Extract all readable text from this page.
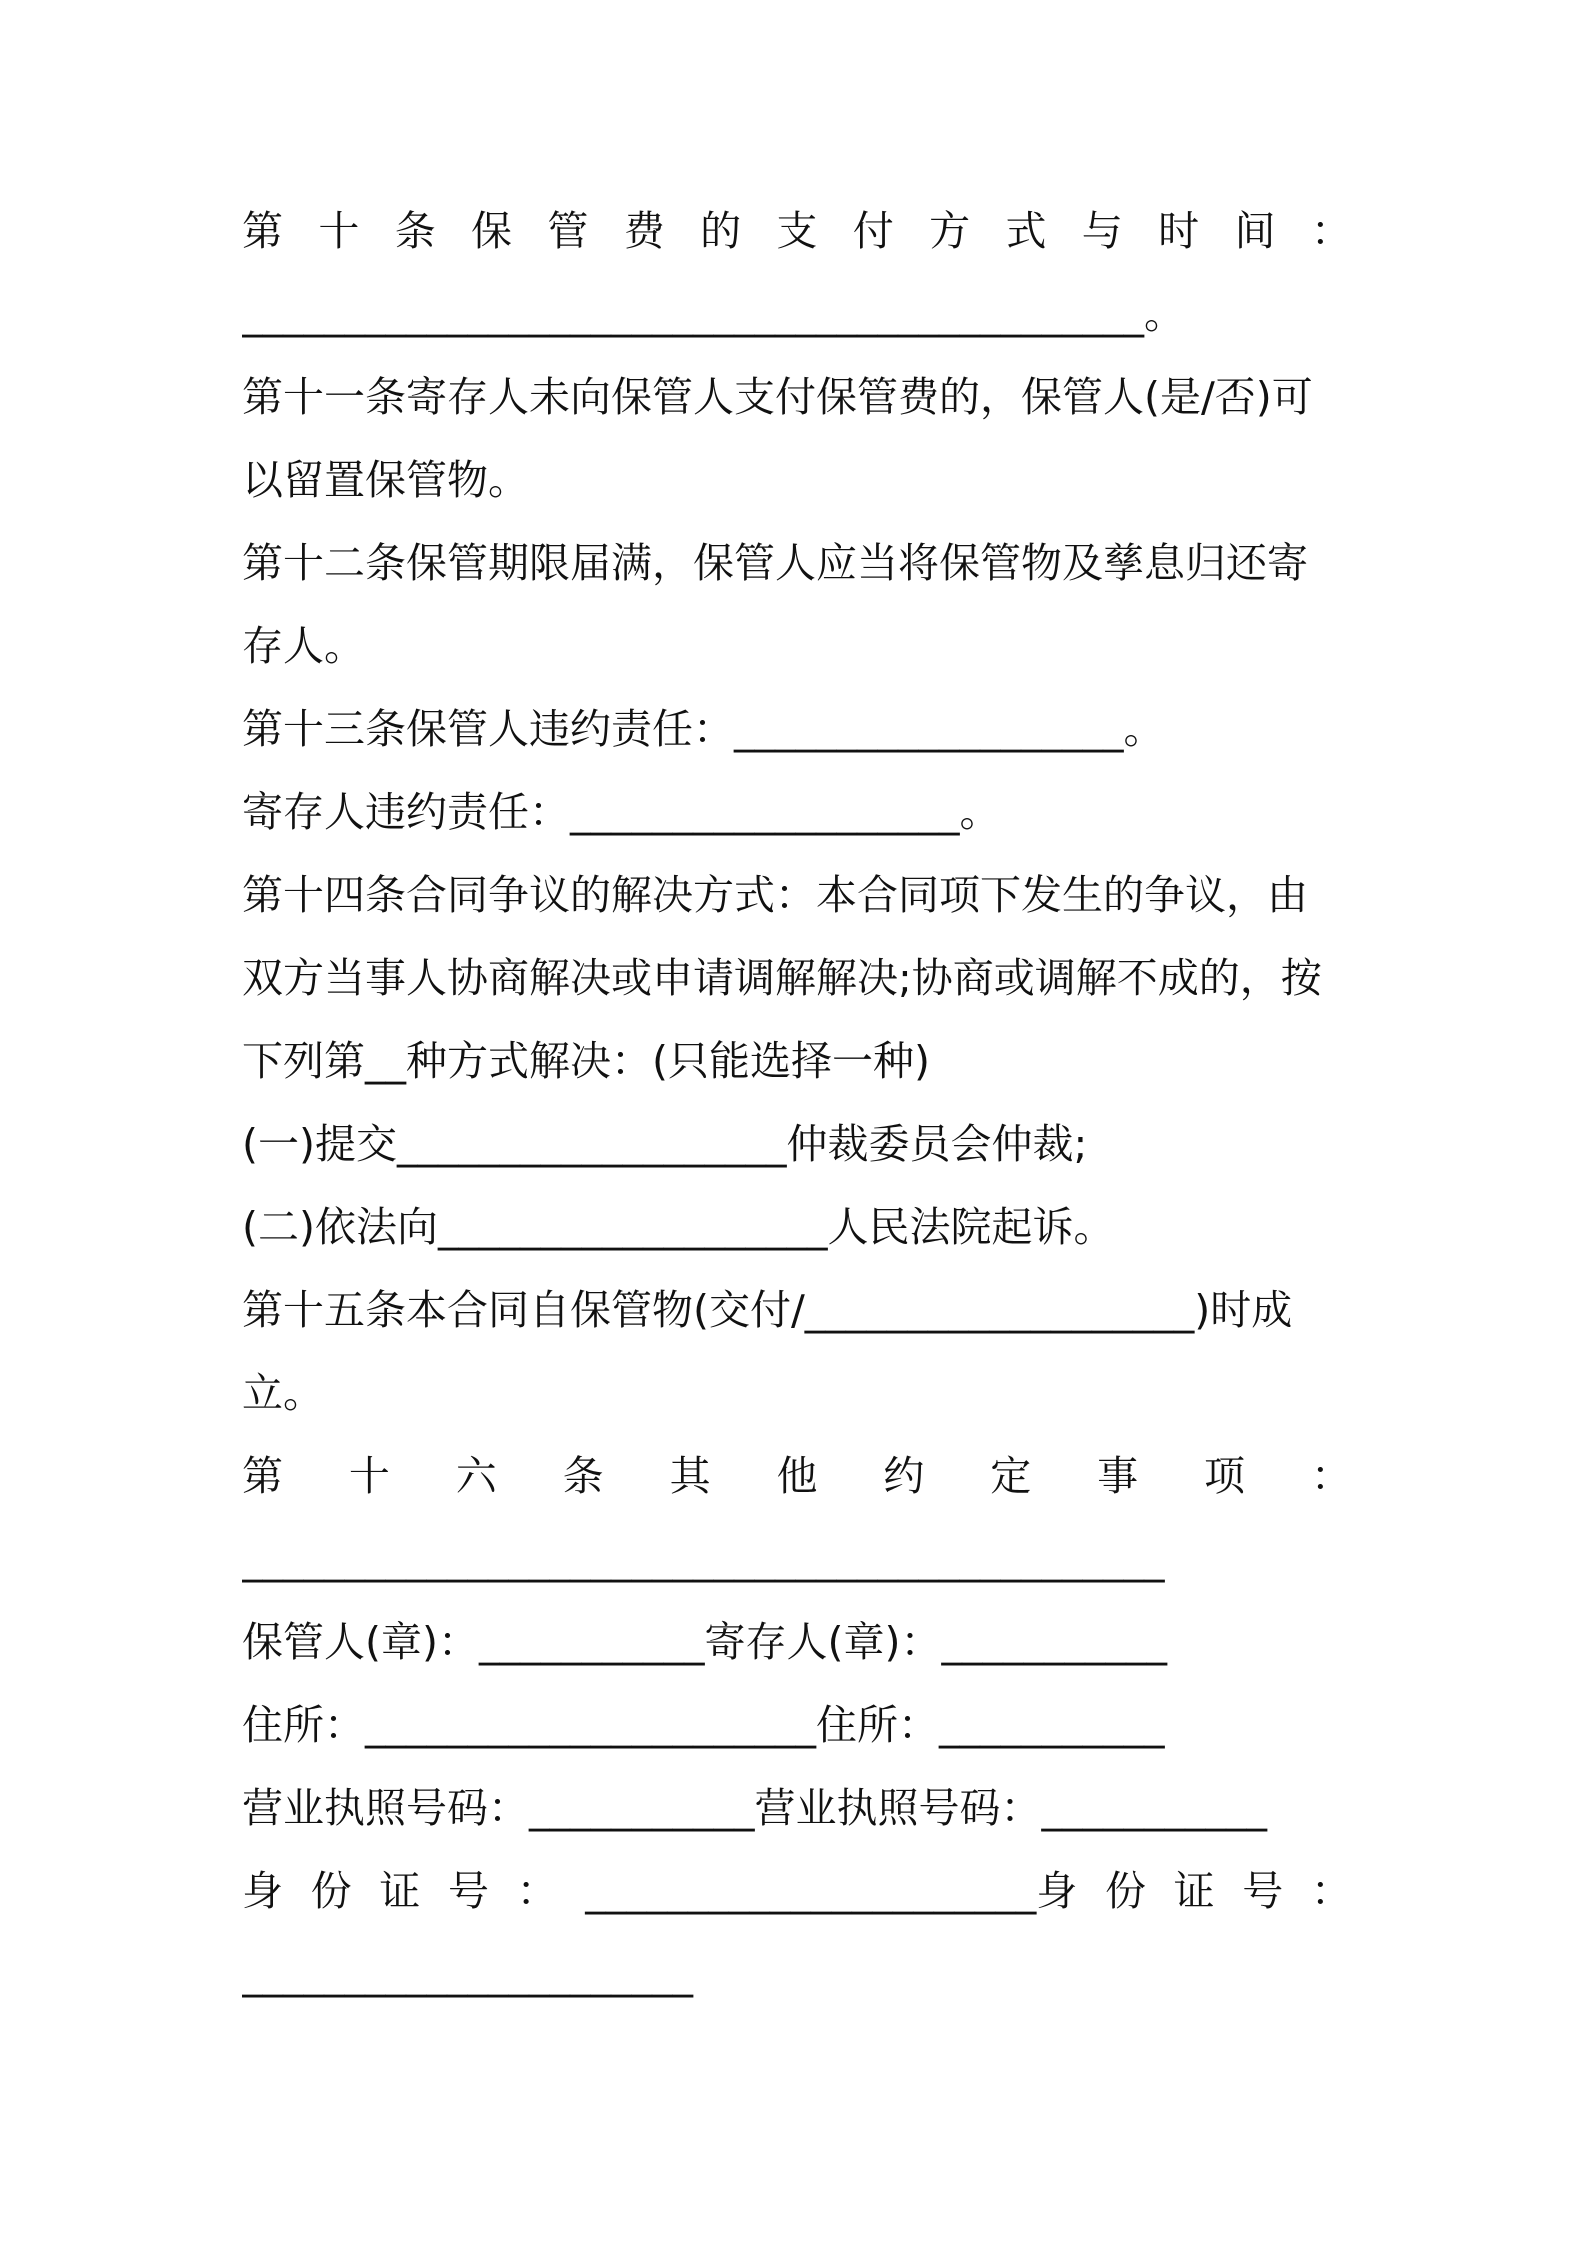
第 十 条 保 管 费 的 支 付 方 式 与 时 间 ：
____________________________________________。
第十一条寄存人未向保管人支付保管费的，保管人(是/否)可
以留置保管物。
第十二条保管期限届满，保管人应当将保管物及孳息归还寄
存人。
第十三条保管人违约责任：___________________。
寄存人违约责任：___________________。
第十四条合同争议的解决方式：本合同项下发生的争议，由
双方当事人协商解决或申请调解解决;协商或调解不成的，按
下列第__种方式解决：(只能选择一种)
(一)提交___________________仲裁委员会仲裁;
(二)依法向___________________人民法院起诉。
第十五条本合同自保管物(交付/___________________)时成
立。
第 十 六 条 其 他 约 定 事 项 ：
_____________________________________________
保管人(章)：___________寄存人(章)：___________
住所：______________________住所：___________
营业执照号码：___________营业执照号码：___________
身 份 证 号 ： ______________________身 份 证 号 ：
______________________
